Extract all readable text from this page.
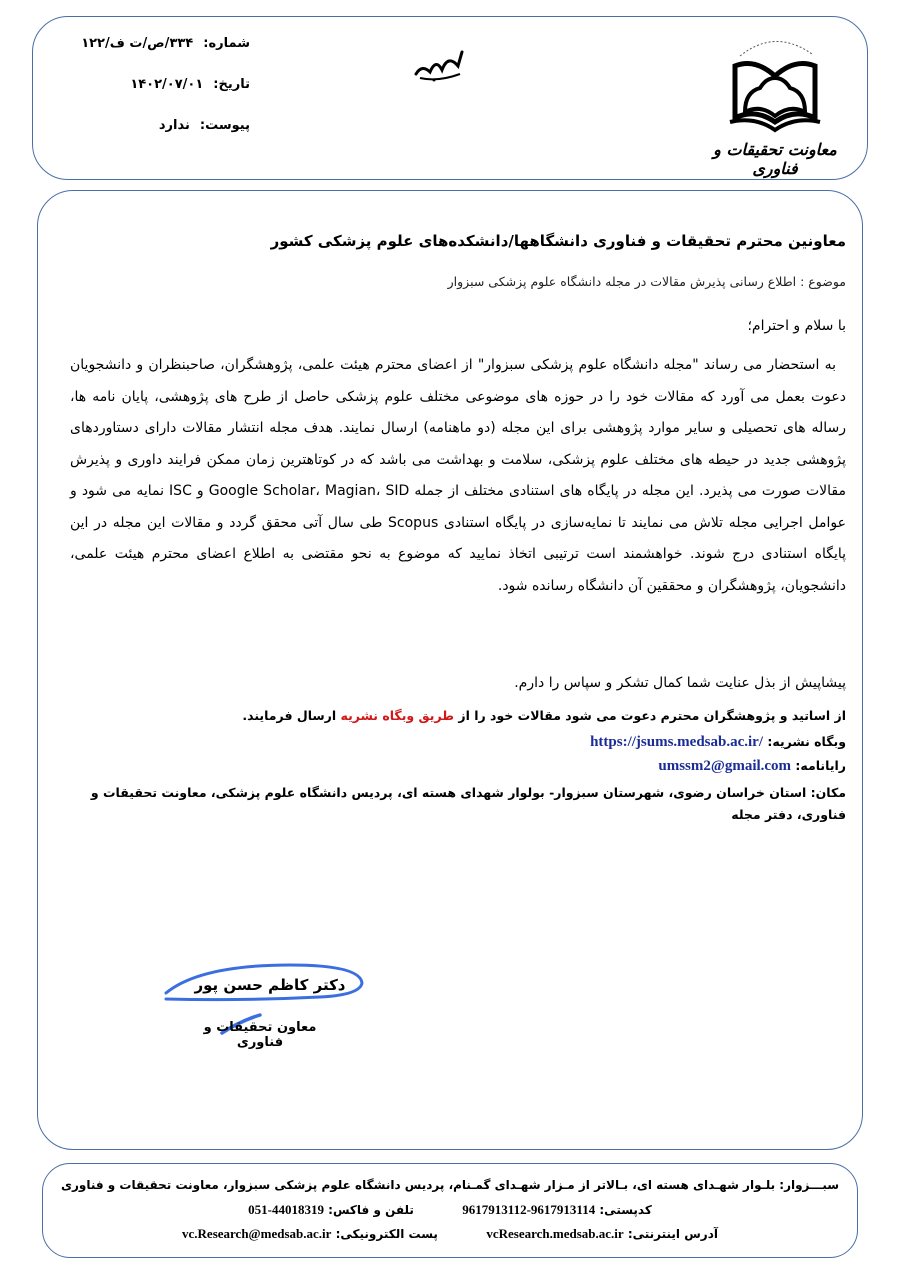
شماره:
۳۳۴/ص/ت ف/۱۲۲
تاریخ:
۱۴۰۲/۰۷/۰۱
پیوست:
ندارد
معاونت تحقیقات و فناوری
معاونین محترم تحقیقات و فناوری دانشگاهها/دانشکده‌های علوم پزشکی کشور
موضوع : اطلاع رسانی پذیرش مقالات در مجله دانشگاه علوم پزشکی سبزوار
با سلام و احترام؛
به استحضار می رساند "مجله دانشگاه علوم پزشکی سبزوار" از اعضای محترم هیئت علمی، پژوهشگران، صاحبنظران و دانشجویان دعوت بعمل می آورد که مقالات خود را در حوزه های موضوعی مختلف علوم پزشکی حاصل از طرح های پژوهشی، پایان نامه ها، رساله های تحصیلی و سایر موارد پژوهشی برای این مجله (دو ماهنامه) ارسال نمایند. هدف مجله انتشار مقالات دارای دستاوردهای پژوهشی جدید در حیطه های مختلف علوم پزشکی، سلامت و بهداشت می باشد که در کوتاهترین زمان ممکن فرایند داوری و پذیرش مقالات صورت می پذیرد. این مجله در پایگاه های استنادی مختلف از جمله Google Scholar، Magian، SID و ISC نمایه می شود و عوامل اجرایی مجله تلاش می نمایند تا نمایه‌سازی در پایگاه استنادی Scopus طی سال آتی محقق گردد و مقالات این مجله در این پایگاه استنادی درج شوند. خواهشمند است ترتیبی اتخاذ نمایید که موضوع به نحو مقتضی به اطلاع اعضای محترم هیئت علمی، دانشجویان، پژوهشگران و محققین آن دانشگاه رسانده شود.
پیشاپیش از بذل عنایت شما کمال تشکر و سپاس را دارم.
از اساتید و پژوهشگران محترم دعوت می شود مقالات خود را از طریق وبگاه نشریه ارسال فرمایند.
وبگاه نشریه: https://jsums.medsab.ac.ir/
رایانامه: umssm2@gmail.com
مکان: استان خراسان رضوی، شهرستان سبزوار- بولوار شهدای هسته ای، پردیس دانشگاه علوم پزشکی، معاونت تحقیقات و فناوری، دفتر مجله
دکتر کاظم حسن پور
معاون تحقیقات و فناوری
سبـــزوار: بلـوار شهـدای هسته ای، بـالاتر از مـزار شهـدای گمـنام، پردیس دانشگاه علوم پزشکی سبزوار، معاونت تحقیقات و فناوری
کدپستی: 9617913112-9617913114  تلفن و فاکس: 051-44018319
آدرس اینترنتی: vcResearch.medsab.ac.ir  پست الکترونیکی: vc.Research@medsab.ac.ir
